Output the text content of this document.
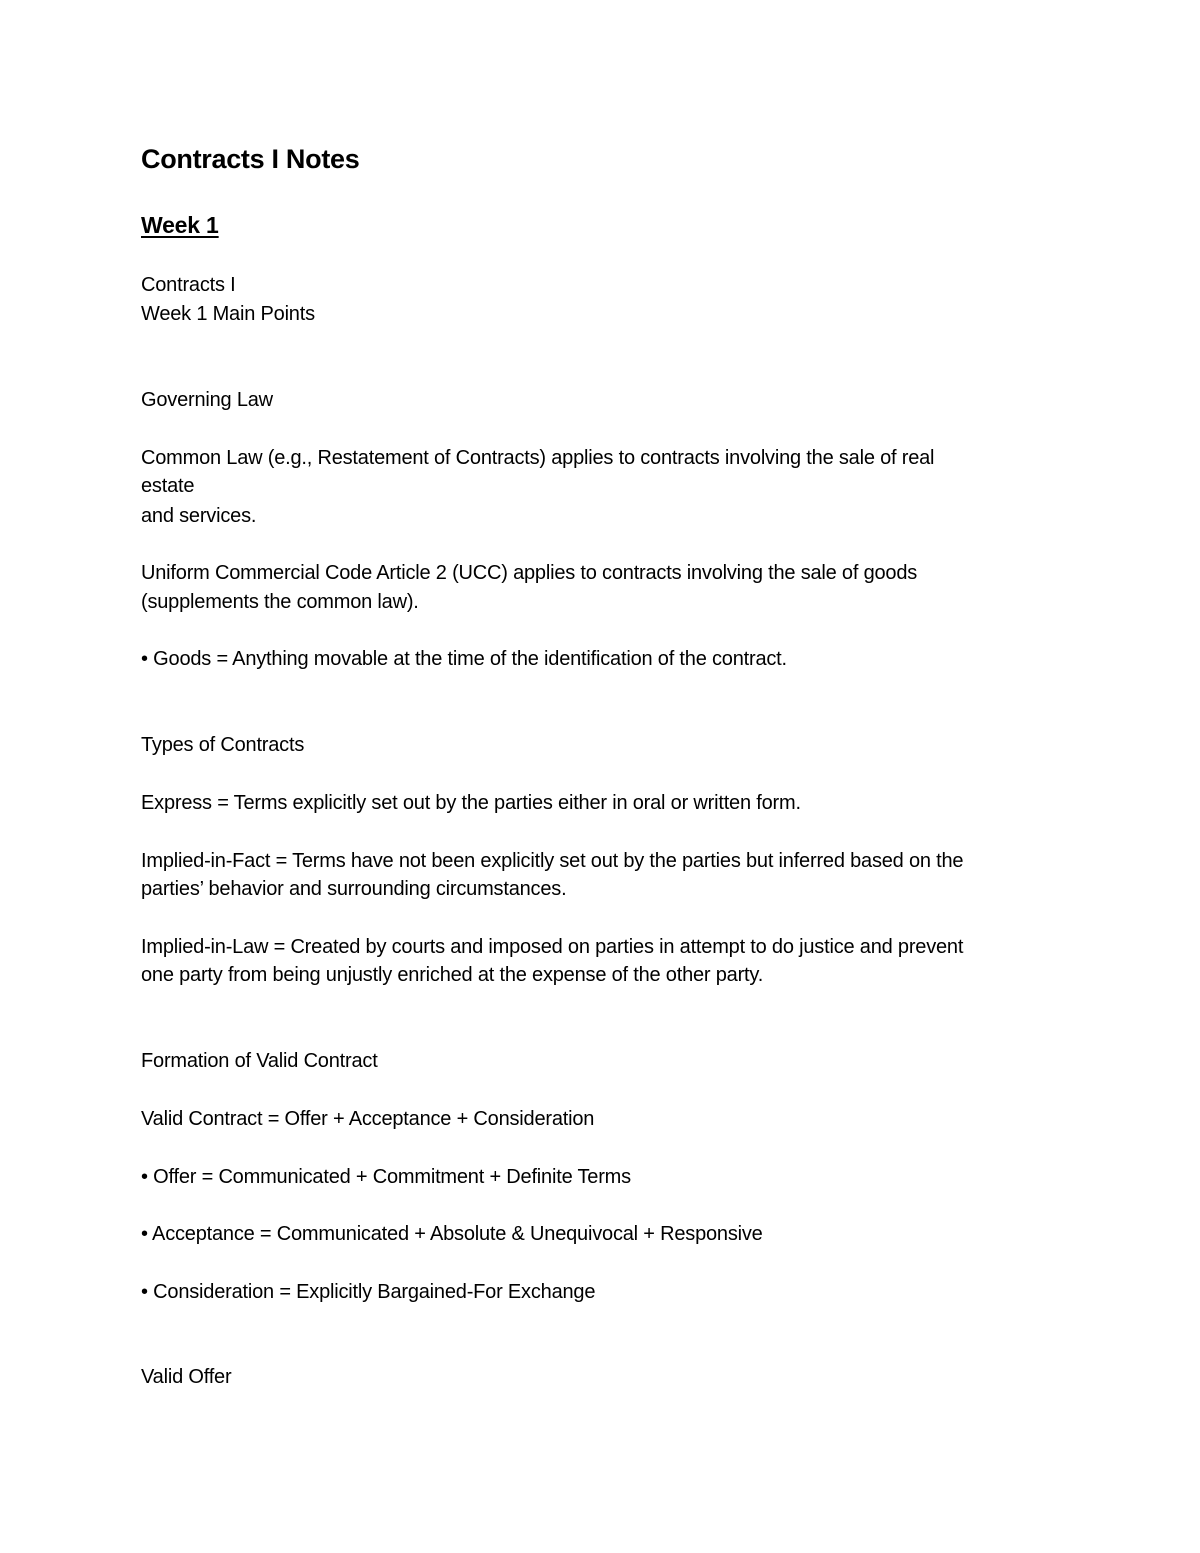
Contracts I Notes
Week 1
Contracts I
Week 1 Main Points
Governing Law
Common Law (e.g., Restatement of Contracts) applies to contracts involving the sale of real
estate
and services.
Uniform Commercial Code Article 2 (UCC) applies to contracts involving the sale of goods
(supplements the common law).
• Goods = Anything movable at the time of the identification of the contract.
Types of Contracts
Express = Terms explicitly set out by the parties either in oral or written form.
Implied-in-Fact = Terms have not been explicitly set out by the parties but inferred based on the
parties’ behavior and surrounding circumstances.
Implied-in-Law = Created by courts and imposed on parties in attempt to do justice and prevent
one party from being unjustly enriched at the expense of the other party.
Formation of Valid Contract
Valid Contract = Offer + Acceptance + Consideration
• Offer = Communicated + Commitment + Definite Terms
• Acceptance = Communicated + Absolute & Unequivocal + Responsive
• Consideration = Explicitly Bargained-For Exchange
Valid Offer
